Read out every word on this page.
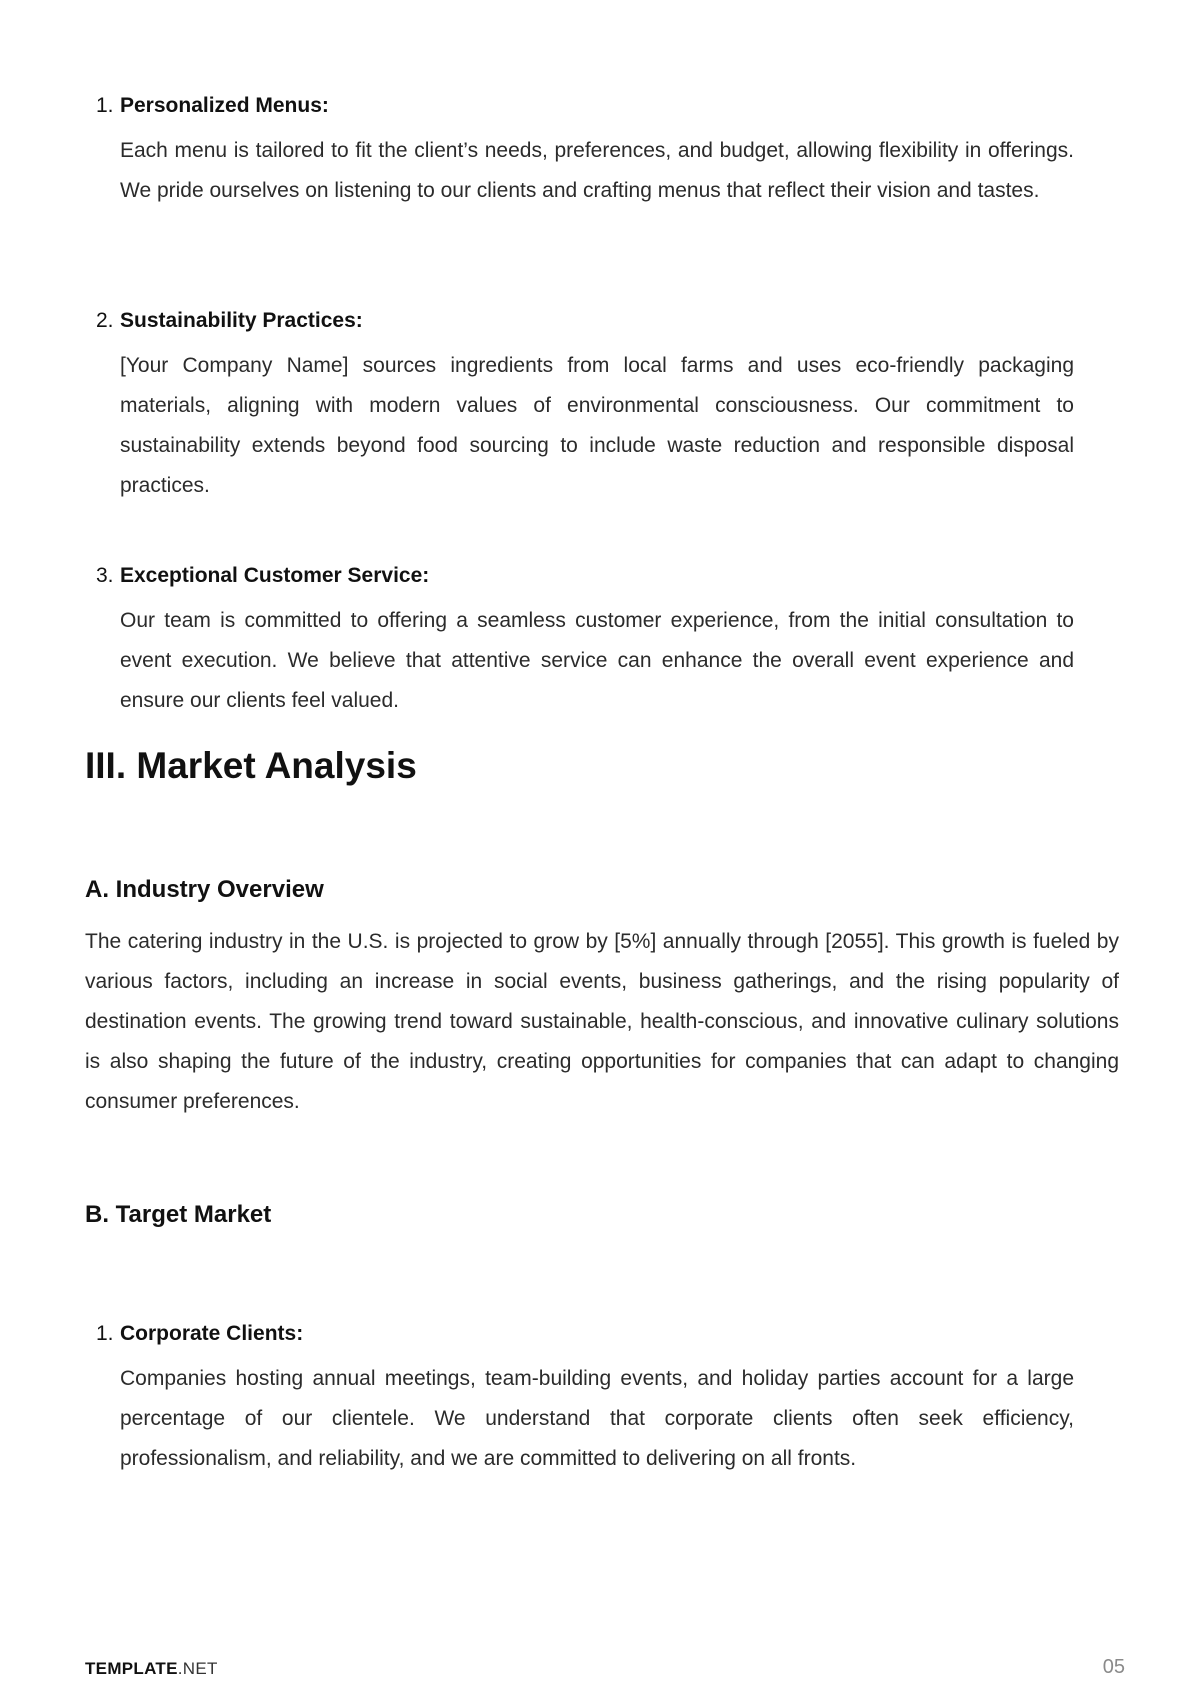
1. Personalized Menus:
Each menu is tailored to fit the client’s needs, preferences, and budget, allowing flexibility in offerings. We pride ourselves on listening to our clients and crafting menus that reflect their vision and tastes.
2. Sustainability Practices:
[Your Company Name] sources ingredients from local farms and uses eco-friendly packaging materials, aligning with modern values of environmental consciousness. Our commitment to sustainability extends beyond food sourcing to include waste reduction and responsible disposal practices.
3. Exceptional Customer Service:
Our team is committed to offering a seamless customer experience, from the initial consultation to event execution. We believe that attentive service can enhance the overall event experience and ensure our clients feel valued.
III. Market Analysis
A. Industry Overview
The catering industry in the U.S. is projected to grow by [5%] annually through [2055]. This growth is fueled by various factors, including an increase in social events, business gatherings, and the rising popularity of destination events. The growing trend toward sustainable, health-conscious, and innovative culinary solutions is also shaping the future of the industry, creating opportunities for companies that can adapt to changing consumer preferences.
B. Target Market
1. Corporate Clients:
Companies hosting annual meetings, team-building events, and holiday parties account for a large percentage of our clientele. We understand that corporate clients often seek efficiency, professionalism, and reliability, and we are committed to delivering on all fronts.
TEMPLATE.NET	05
